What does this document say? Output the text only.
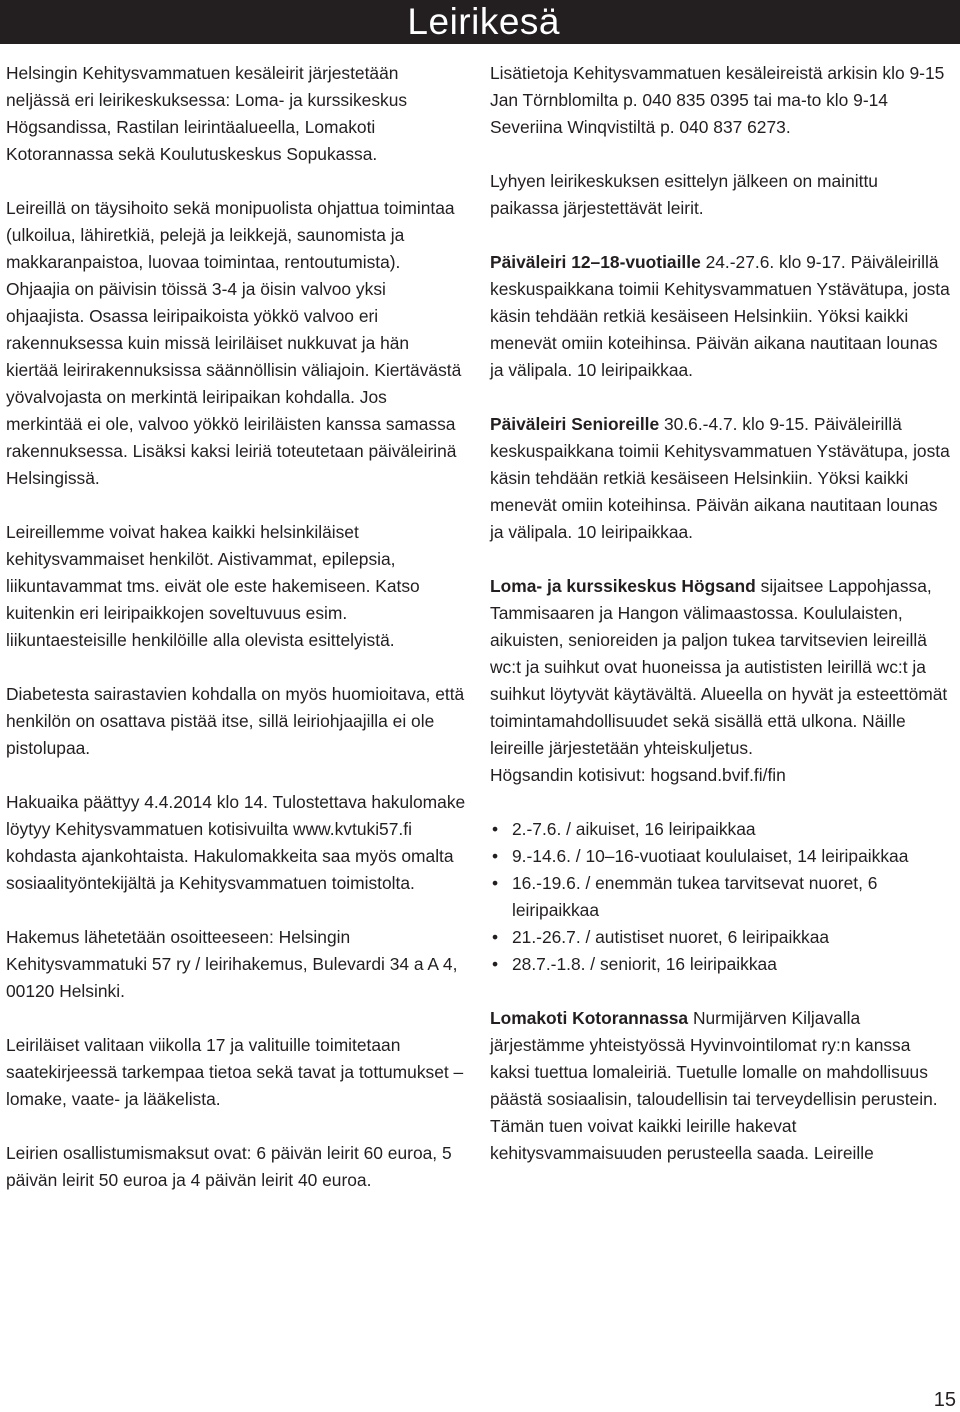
Leirikesä

Helsingin Kehitysvammatuen kesäleirit järjestetään neljässä eri leirikeskuksessa: Loma- ja kurssikeskus Högsandissa, Rastilan leirintäalueella, Lomakoti Kotorannassa sekä Koulutuskeskus Sopukassa.

Leireillä on täysihoito sekä monipuolista ohjattua toimintaa (ulkoilua, lähiretkiä, pelejä ja leikkejä, saunomista ja makkaranpaistoa, luovaa toimintaa, rentoutumista). Ohjaajia on päivisin töissä 3-4 ja öisin valvoo yksi ohjaajista. Osassa leiripaikoista yökkö valvoo eri rakennuksessa kuin missä leiriläiset nukkuvat ja hän kiertää leirirakennuksissa säännöllisin väliajoin. Kiertävästä yövalvojasta on merkintä leiripaikan kohdalla. Jos merkintää ei ole, valvoo yökkö leiriläisten kanssa samassa rakennuksessa. Lisäksi kaksi leiriä toteutetaan päiväleirinä Helsingissä.

Leireillemme voivat hakea kaikki helsinkiläiset kehitysvammaiset henkilöt. Aistivammat, epilepsia, liikuntavammat tms. eivät ole este hakemiseen. Katso kuitenkin eri leiripaikkojen soveltuvuus esim. liikuntaesteisille henkilöille alla olevista esittelyistä.

Diabetesta sairastavien kohdalla on myös huomioitava, että henkilön on osattava pistää itse, sillä leiriohjaajilla ei ole pistolupaa.

Hakuaika päättyy 4.4.2014 klo 14. Tulostettava hakulomake löytyy Kehitysvammatuen kotisivuilta www.kvtuki57.fi kohdasta ajankohtaista. Hakulomakkeita saa myös omalta sosiaalityöntekijältä ja Kehitysvammatuen toimistolta.

Hakemus lähetetään osoitteeseen: Helsingin Kehitysvammatuki 57 ry / leirihakemus, Bulevardi 34 a A 4, 00120 Helsinki.

Leiriläiset valitaan viikolla 17 ja valituille toimitetaan saatekirjeessä tarkempaa tietoa sekä tavat ja tottumukset –lomake, vaate- ja lääkelista.

Leirien osallistumismaksut ovat: 6 päivän leirit 60 euroa, 5 päivän leirit 50 euroa ja 4 päivän leirit 40 euroa.

Lisätietoja Kehitysvammatuen kesäleireistä arkisin klo 9-15 Jan Törnblomilta p. 040 835 0395 tai ma-to klo 9-14 Severiina Winqvistiltä p. 040 837 6273.

Lyhyen leirikeskuksen esittelyn jälkeen on mainittu paikassa järjestettävät leirit.

Päiväleiri 12–18-vuotiaille 24.-27.6. klo 9-17. Päiväleirillä keskuspaikkana toimii Kehitysvammatuen Ystävätupa, josta käsin tehdään retkiä kesäiseen Helsinkiin. Yöksi kaikki menevät omiin koteihinsa. Päivän aikana nautitaan lounas ja välipala. 10 leiripaikkaa.

Päiväleiri Senioreille 30.6.-4.7. klo 9-15. Päiväleirillä keskuspaikkana toimii Kehitysvammatuen Ystävätupa, josta käsin tehdään retkiä kesäiseen Helsinkiin. Yöksi kaikki menevät omiin koteihinsa. Päivän aikana nautitaan lounas ja välipala. 10 leiripaikkaa.

Loma- ja kurssikeskus Högsand sijaitsee Lappohjassa, Tammisaaren ja Hangon välimaastossa. Koululaisten, aikuisten, senioreiden ja paljon tukea tarvitsevien leireillä wc:t ja suihkut ovat huoneissa ja autististen leirillä wc:t ja suihkut löytyvät käytävältä. Alueella on hyvät ja esteettömät toimintamahdollisuudet sekä sisällä että ulkona. Näille leireille järjestetään yhteiskuljetus.

Högsandin kotisivut: hogsand.bvif.fi/fin

• 2.-7.6. / aikuiset, 16 leiripaikkaa
• 9.-14.6. / 10–16-vuotiaat koululaiset, 14 leiripaikkaa
• 16.-19.6. / enemmän tukea tarvitsevat nuoret, 6 leiripaikkaa
• 21.-26.7. / autistiset nuoret, 6 leiripaikkaa
• 28.7.-1.8. / seniorit, 16 leiripaikkaa

Lomakoti Kotorannassa Nurmijärven Kiljavalla järjestämme yhteistyössä Hyvinvointilomat ry:n kanssa kaksi tuettua lomaleiriä. Tuetulle lomalle on mahdollisuus päästä sosiaalisin, taloudellisin tai terveydellisin perustein. Tämän tuen voivat kaikki leirille hakevat kehitysvammaisuuden perusteella saada. Leireille

15
